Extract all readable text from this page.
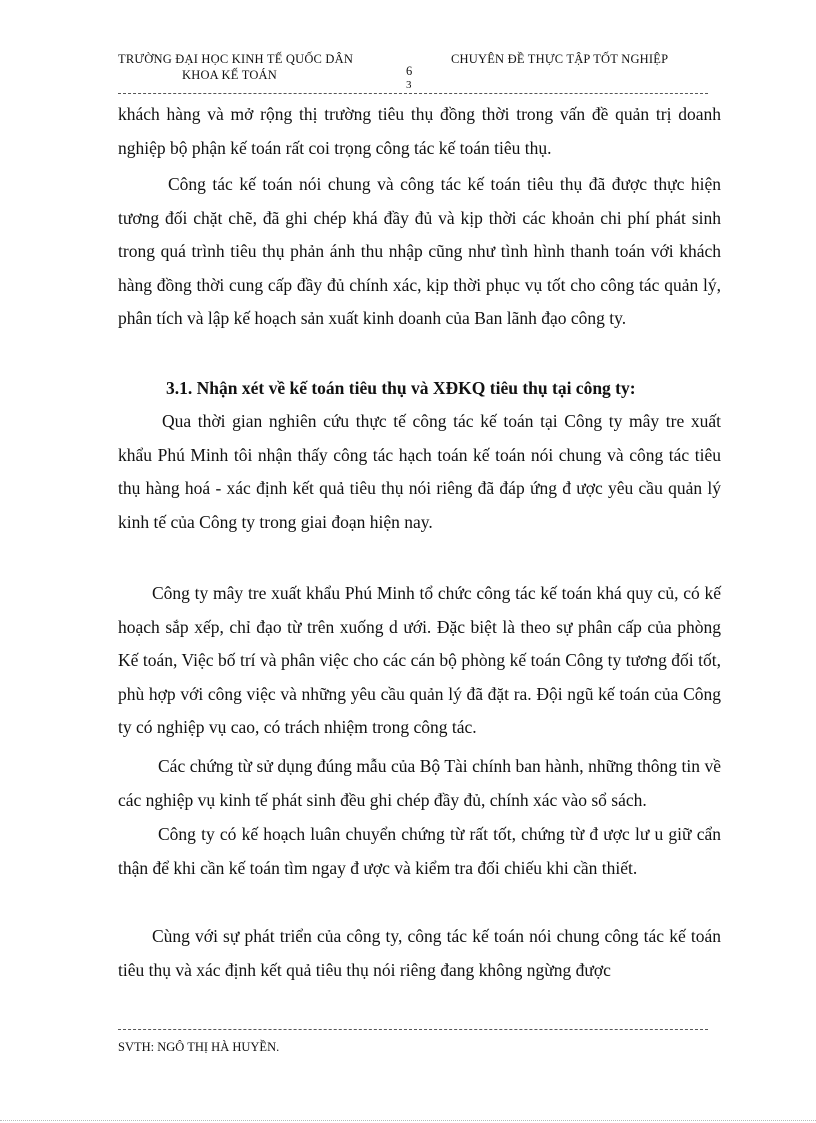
TRƯỜNG ĐẠI HỌC KINH TẾ QUỐC DÂN
KHOA KẾ TOÁN	6
3
CHUYÊN ĐỀ THỰC TẬP TỐT NGHIỆP

khách hàng và mở rộng thị trường tiêu thụ đồng thời trong vấn đề quản trị doanh nghiệp bộ phận kế toán rất coi trọng công tác kế toán tiêu thụ.

Công tác kế toán nói chung và công tác kế toán tiêu thụ đã được thực hiện tương đối chặt chẽ, đã ghi chép khá đầy đủ và kịp thời các khoản chi phí phát sinh trong quá trình tiêu thụ phản ánh thu nhập cũng như tình hình thanh toán với khách hàng đồng thời cung cấp đầy đủ chính xác, kịp thời phục vụ tốt cho công tác quản lý, phân tích và lập kế hoạch sản xuất kinh doanh của Ban lãnh đạo công ty.

3.1. Nhận xét về kế toán tiêu thụ và XĐKQ tiêu thụ tại công ty:

Qua thời gian nghiên cứu thực tế công tác kế toán tại Công ty mây tre xuất khẩu Phú Minh tôi nhận thấy công tác hạch toán kế toán nói chung và công tác tiêu thụ hàng hoá - xác định kết quả tiêu thụ nói riêng đã đáp ứng đ ược yêu cầu quản lý kinh tế của Công ty trong giai đoạn hiện nay.

Công ty mây tre xuất khẩu Phú Minh tổ chức công tác kế toán khá quy củ, có kế hoạch sắp xếp, chỉ đạo từ trên xuống d ưới. Đặc biệt là theo sự phân cấp của phòng Kế toán, Việc bố trí và phân việc cho các cán bộ phòng kế toán Công ty tương đối tốt, phù hợp với công việc và những yêu cầu quản lý đã đặt ra. Đội ngũ kế toán của Công ty có nghiệp vụ cao, có trách nhiệm trong công tác.

Các chứng từ sử dụng đúng mẫu của Bộ Tài chính ban hành, những thông tin về các nghiệp vụ kinh tế phát sinh đều ghi chép đầy đủ, chính xác vào sổ sách.

Công ty có kế hoạch luân chuyển chứng từ rất tốt, chứng từ đ ược lư u giữ cẩn thận để khi cần kế toán tìm ngay đ ược và kiểm tra đối chiếu khi cần thiết.

Cùng với sự phát triển của công ty, công tác kế toán nói chung công tác kế toán tiêu thụ và xác định kết quả tiêu thụ nói riêng đang không ngừng được

SVTH: NGÔ THỊ HÀ HUYỀN.
